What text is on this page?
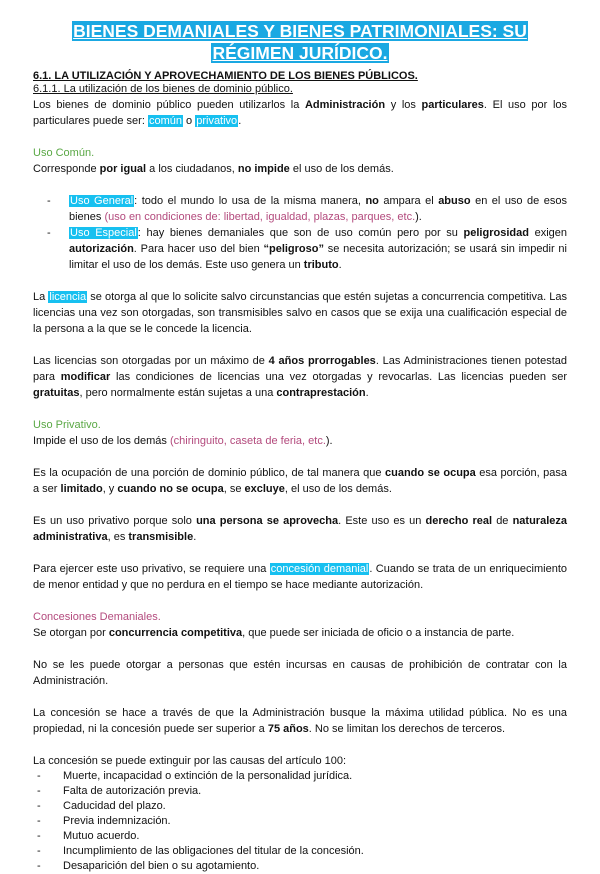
BIENES DEMANIALES Y BIENES PATRIMONIALES: SU
RÉGIMEN JURÍDICO.
6.1. LA UTILIZACIÓN Y APROVECHAMIENTO DE LOS BIENES PÚBLICOS.
6.1.1. La utilización de los bienes de dominio público.

Los bienes de dominio público pueden utilizarlos la Administración y los particulares. El uso por los particulares puede ser: común o privativo.

Uso Común.

Corresponde por igual a los ciudadanos, no impide el uso de los demás.

- Uso General: todo el mundo lo usa de la misma manera, no ampara el abuso en el uso de esos bienes (uso en condiciones de: libertad, igualdad, plazas, parques, etc.).
- Uso Especial: hay bienes demaniales que son de uso común pero por su peligrosidad exigen autorización. Para hacer uso del bien “peligroso” se necesita autorización; se usará sin impedir ni limitar el uso de los demás. Este uso genera un tributo.

La licencia se otorga al que lo solicite salvo circunstancias que estén sujetas a concurrencia competitiva. Las licencias una vez son otorgadas, son transmisibles salvo en casos que se exija una cualificación especial de la persona a la que se le concede la licencia.

Las licencias son otorgadas por un máximo de 4 años prorrogables. Las Administraciones tienen potestad para modificar las condiciones de licencias una vez otorgadas y revocarlas. Las licencias pueden ser gratuitas, pero normalmente están sujetas a una contraprestación.

Uso Privativo.

Impide el uso de los demás (chiringuito, caseta de feria, etc.).

Es la ocupación de una porción de dominio público, de tal manera que cuando se ocupa esa porción, pasa a ser limitado, y cuando no se ocupa, se excluye, el uso de los demás.

Es un uso privativo porque solo una persona se aprovecha. Este uso es un derecho real de naturaleza administrativa, es transmisible.

Para ejercer este uso privativo, se requiere una concesión demanial. Cuando se trata de un enriquecimiento de menor entidad y que no perdura en el tiempo se hace mediante autorización.

Concesiones Demaniales.

Se otorgan por concurrencia competitiva, que puede ser iniciada de oficio o a instancia de parte.

No se les puede otorgar a personas que estén incursas en causas de prohibición de contratar con la Administración.

La concesión se hace a través de que la Administración busque la máxima utilidad pública. No es una propiedad, ni la concesión puede ser superior a 75 años. No se limitan los derechos de terceros.

La concesión se puede extinguir por las causas del artículo 100:

- Muerte, incapacidad o extinción de la personalidad jurídica.
- Falta de autorización previa.
- Caducidad del plazo.
- Previa indemnización.
- Mutuo acuerdo.
- Incumplimiento de las obligaciones del titular de la concesión.
- Desaparición del bien o su agotamiento.
